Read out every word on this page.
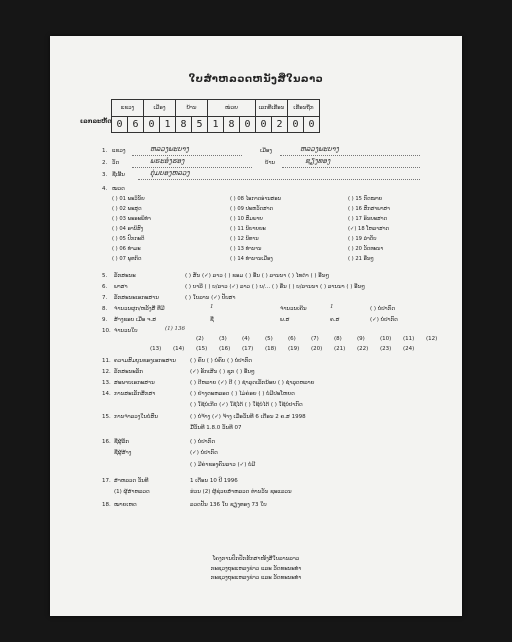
ໃບສຳຫລວດຫນັງສືໃນລາວ
ເລກລະຫັດ
ແຂວງ		ເມືອງ		ບ້ານ		ໜ່ວຍ			ເລກທີ່ເຮືອນ		ເຮືອນຖືກ	
0	6	0	1	8	5	1	8	0	0	2	0	0
1. ແຂວງ	ຫລວງພະບາງ	ເມືອງ	ຫລວງພະບາງ
2. ວັດ	ພຣະອໍງຮອງ	ບ້ານ	ຊຽງທອງ
3. ຊື່ເອີ້ນ	ຕຸ່ມບອງຫລວງ
4. ໝວດ
( ) 01 ພະວິນັຍ	( ) 08 ໄອກາດອ່ານສອນ	( ) 15 ກົດໝາຍ
( ) 02 ພະສູດ	( ) 09 ປະຫວັດສາດ	( ) 16 ສົກສາພາສາ
( ) 03 ພະອະພິທຳ	( ) 10 ສົມພາຍ	( ) 17 ອິນຍະສາດ
( ) 04 ອານິສົງ	( ) 11 ນິຍາຍຍະ	(✓) 18 ໂຫລາສາດ
( ) 05 ປົກກະຕິ	( ) 12 ນິທານ	( ) 19 ລຳດັບ
( ) 06 ທຳມະ	( ) 13 ທຳນານ	( ) 20 ວັດທະນາ
( ) 07 ພຸທກິດ	( ) 14 ທຳນານເມືອງ	( ) 21 ອື່ນໆ
5. ລັກສະນະ	( ) ສັນ (✓) ລາວ ( ) ຂອມ ( ) ອື່ນ ( ) ລານນາ ( ) ໄທດຳ ( ) ອື່ນໆ
6. ພາສາ	( ) ບາລີ ( ) ບ/ລາວ (✓) ລາວ ( ) ບ/... ( ) ອື່ນ ( ) ບ/ລານນາ ( ) ລານນາ ( ) ອື່ນໆ
7. ລັກສະນະເອກະສານ	( ) ໃບລານ (✓) ປັບສາ
8. ຈຳນວນຜູກ/ຫລັງສື ທີ່ມີ	1	ຈຳນວນເຄີນ	1	( ) ບໍ່ປາກົດ
9. ສ້າງຂອບ ເມື່ອ ຈ.ສ	ຊື່	ພ.ສ	ຄ.ສ	(✓) ບໍ່ປາກົດ
10. ຈຳນວນໃບ	(1) 136
(2)	(3)	(4)	(5)	(6)	(7)	(8)	(9)	(10) (11) (12)
(13) (14) (15) (16) (17) (18) (19) (20) (21) (22) (23) (24)
11. ຄວາມສົມບູນຂອງເອກະສານ	( ) ຄົບ ( ) ບໍ່ຄົບ ( ) ບໍ່ປາກົດ
12. ລັກສະນະລັກ	(✓) ອັກເສີນ ( ) ຊຸກ ( ) ອື່ນໆ
13. ສະພາບເອກະສານ	( ) ດີຫລາຍ (✓) ດີ ( ) ຊຳລຸດເລັກນ້ອຍ ( ) ຊຳລຸດຫລາຍ
14. ການສະເລັກສຶກສາ	( ) ຢ່າງຕະຫລອດ ( ) ໄມ່ຄ່ອຍ ( ) ບໍ່ມີປະໂຫຍດ
( ) ໃຊ້ບໍ່ເກີດ (✓) ໃຊ້ໄດ້ ( ) ໃຊ້ບໍ່ໄດ້ ( ) ໃຊ້ບໍ່ປາກົດ
15. ການຈຳລວງໃນບໍ່ສົນ	( ) ບໍ່ຈ້າງ (✓) ຈ້າງ ເມື່ອວັນທີ 6 ເດືອນ 2 ຄ.ສ 1998
ມື້ວັນທີ 1.8.0 ວັນທີ 07
16. ຊື່ຜູ້ລຶກ	( ) ບໍ່ປາກົດ
ຊື່ຜູ້ສ້າງ	(✓) ບໍ່ປາກົດ
( ) ມີຄ່າຂອງຄົນລາວ (✓) ບໍ່ມີ
17. ສຳຫລວດ ວັນທີ	1 ເດືອນ 10 ປີ 1996
(1) ຜູ້ສຳຫລວດ	ຮ່ວນ (2) ຜູ້ຊ່ວຍສຳຫລວດ ທ່ານວັນ ຊະແລວນ
18. ໝາຍເຫດ	ລວດປັນ 136 ໃບ ຊຽງທອງ 73 ໃບ
ໂຄງການປົກປັກຮັກສາໜັງສືໃບລານລາວ
ກະຊວງຖະແຫລງຂ່າວ ແລະ ວັດທະນະທຳ
ກະຊວງຖະແຫລງຂ່າວ ແລະ ວັດທະນະທຳ
